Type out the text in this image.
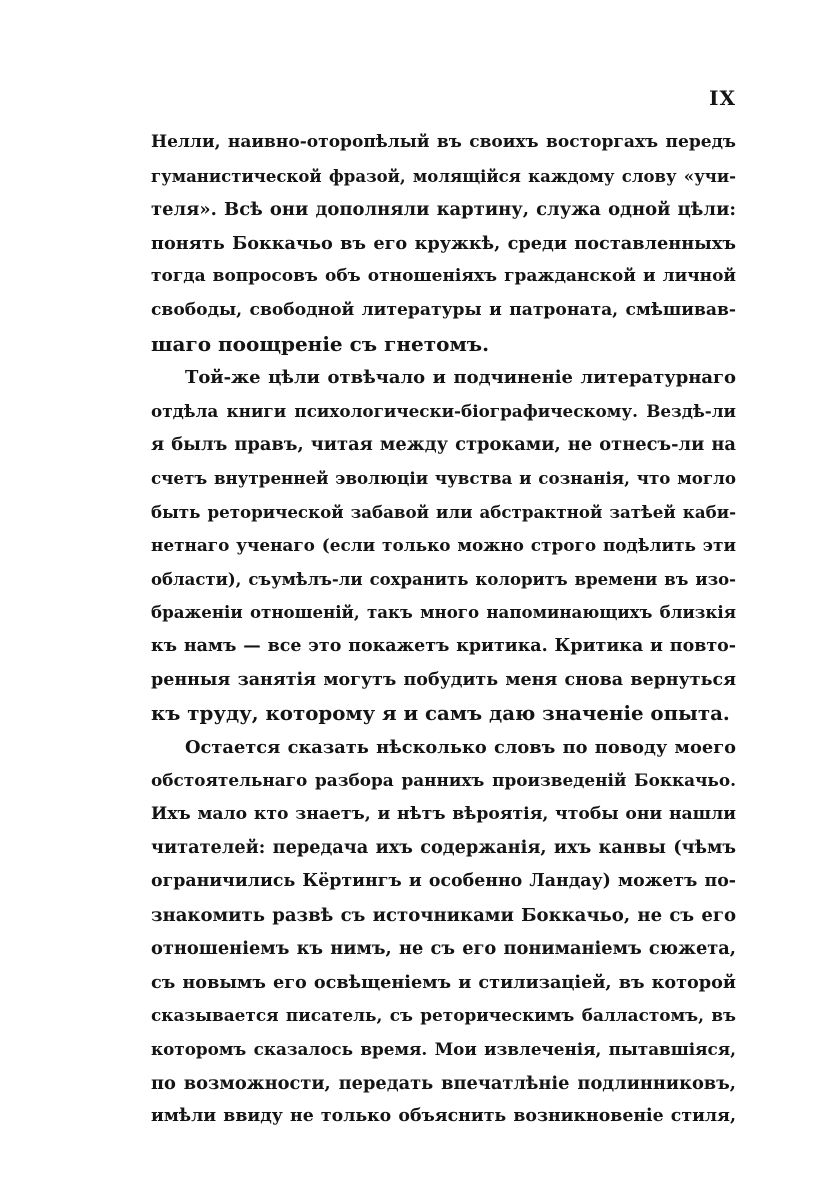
IX
Нелли, наивно-оторопѣлый въ своихъ восторгахъ передъ
гуманистической фразой, молящійся каждому слову «учи-
теля». Всѣ они дополняли картину, служа одной цѣли:
понять Боккачьо въ его кружкѣ, среди поставленныхъ
тогда вопросовъ объ отношеніяхъ гражданской и личной
свободы, свободной литературы и патроната, смѣшивав-
шаго поощреніе съ гнетомъ.
Той-же цѣли отвѣчало и подчиненіе литературнаго
отдѣла книги психологически-біографическому. Вездѣ-ли
я былъ правъ, читая между строками, не отнесъ-ли на
счетъ внутренней эволюціи чувства и сознанія, что могло
быть реторической забавой или абстрактной затѣей каби-
нетнаго ученаго (если только можно строго подѣлить эти
области), съумѣлъ-ли сохранить колоритъ времени въ изо-
браженіи отношеній, такъ много напоминающихъ близкія
къ намъ — все это покажетъ критика. Критика и повто-
ренныя занятія могутъ побудить меня снова вернуться
къ труду, которому я и самъ даю значеніе опыта.
Остается сказать нѣсколько словъ по поводу моего
обстоятельнаго разбора раннихъ произведеній Боккачьо.
Ихъ мало кто знаетъ, и нѣтъ вѣроятія, чтобы они нашли
читателей: передача ихъ содержанія, ихъ канвы (чѣмъ
ограничились Кёртингъ и особенно Ландау) можетъ по-
знакомить развѣ съ источниками Боккачьо, не съ его
отношеніемъ къ нимъ, не съ его пониманіемъ сюжета,
съ новымъ его освѣщеніемъ и стилизаціей, въ которой
сказывается писатель, съ реторическимъ балластомъ, въ
которомъ сказалось время. Мои извлеченія, пытавшіяся,
по возможности, передать впечатлѣніе подлинниковъ,
имѣли ввиду не только объяснить возникновеніе стиля,
